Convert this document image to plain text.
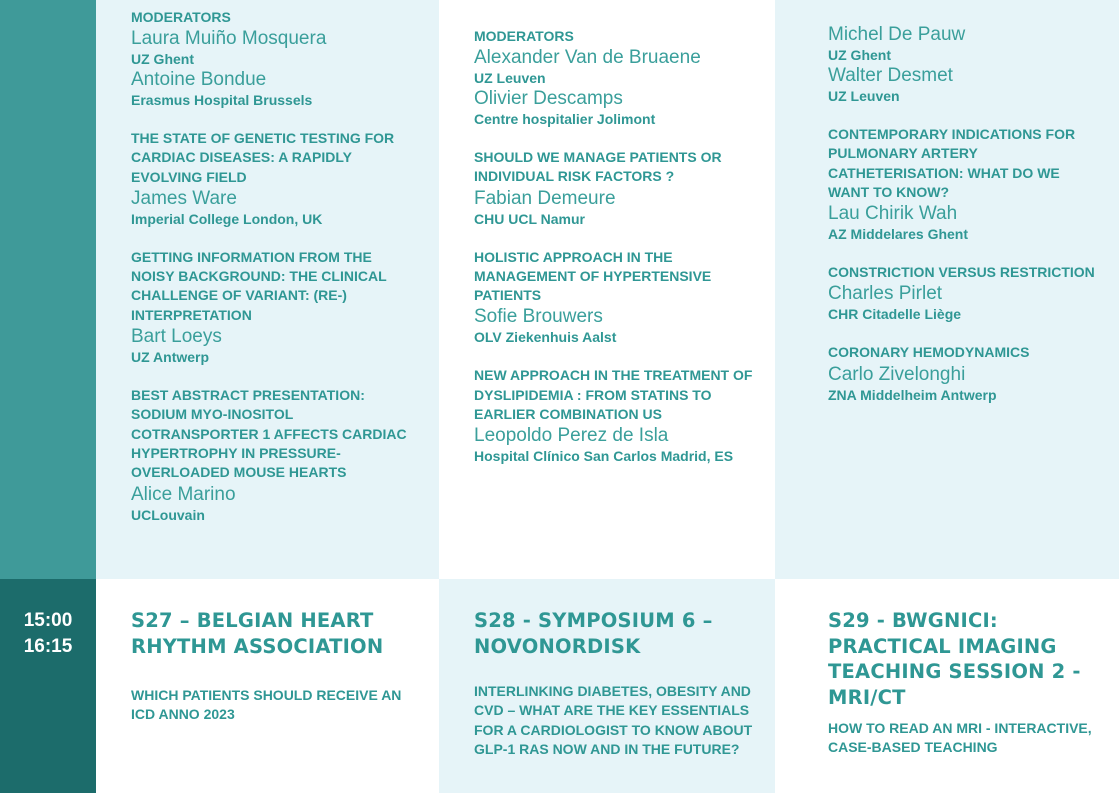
15:00
16:15

MODERATORS

Laura Muiño Mosquera

UZ Ghent

Antoine Bondue

Erasmus Hospital Brussels

THE STATE OF GENETIC TESTING FOR CARDIAC DISEASES: A RAPIDLY EVOLVING FIELD

James Ware

Imperial College London, UK

GETTING INFORMATION FROM THE NOISY BACKGROUND: THE CLINICAL CHALLENGE OF VARIANT: (RE-) INTERPRETATION

Bart Loeys

UZ Antwerp

BEST ABSTRACT PRESENTATION: SODIUM MYO-INOSITOL COTRANSPORTER 1 AFFECTS CARDIAC HYPERTROPHY IN PRESSURE-OVERLOADED MOUSE HEARTS

Alice Marino

UCLouvain

MODERATORS

Alexander Van de Bruaene

UZ Leuven

Olivier Descamps

Centre hospitalier Jolimont

SHOULD WE MANAGE PATIENTS OR INDIVIDUAL RISK FACTORS ?

Fabian Demeure

CHU UCL Namur

HOLISTIC APPROACH IN THE MANAGEMENT OF HYPERTENSIVE PATIENTS

Sofie Brouwers

OLV Ziekenhuis Aalst

NEW APPROACH IN THE TREATMENT OF DYSLIPIDEMIA : FROM STATINS TO EARLIER COMBINATION US

Leopoldo Perez de Isla

Hospital Clínico San Carlos Madrid, ES

Michel De Pauw

UZ Ghent

Walter Desmet

UZ Leuven

CONTEMPORARY INDICATIONS FOR PULMONARY ARTERY CATHETERISATION: WHAT DO WE WANT TO KNOW?

Lau Chirik Wah

AZ Middelares Ghent

CONSTRICTION VERSUS RESTRICTION

Charles Pirlet

CHR Citadelle Liège

CORONARY HEMODYNAMICS

Carlo Zivelonghi

ZNA Middelheim Antwerp

S27 – BELGIAN HEART RHYTHM ASSOCIATION

WHICH PATIENTS SHOULD RECEIVE AN ICD ANNO 2023

S28 - SYMPOSIUM 6 – NOVONORDISK

INTERLINKING DIABETES, OBESITY AND CVD – WHAT ARE THE KEY ESSENTIALS FOR A CARDIOLOGIST TO KNOW ABOUT GLP-1 RAS NOW AND IN THE FUTURE?

S29 - BWGNICI: PRACTICAL IMAGING TEACHING SESSION 2 - MRI/CT

HOW TO READ AN MRI - INTERACTIVE, CASE-BASED TEACHING
